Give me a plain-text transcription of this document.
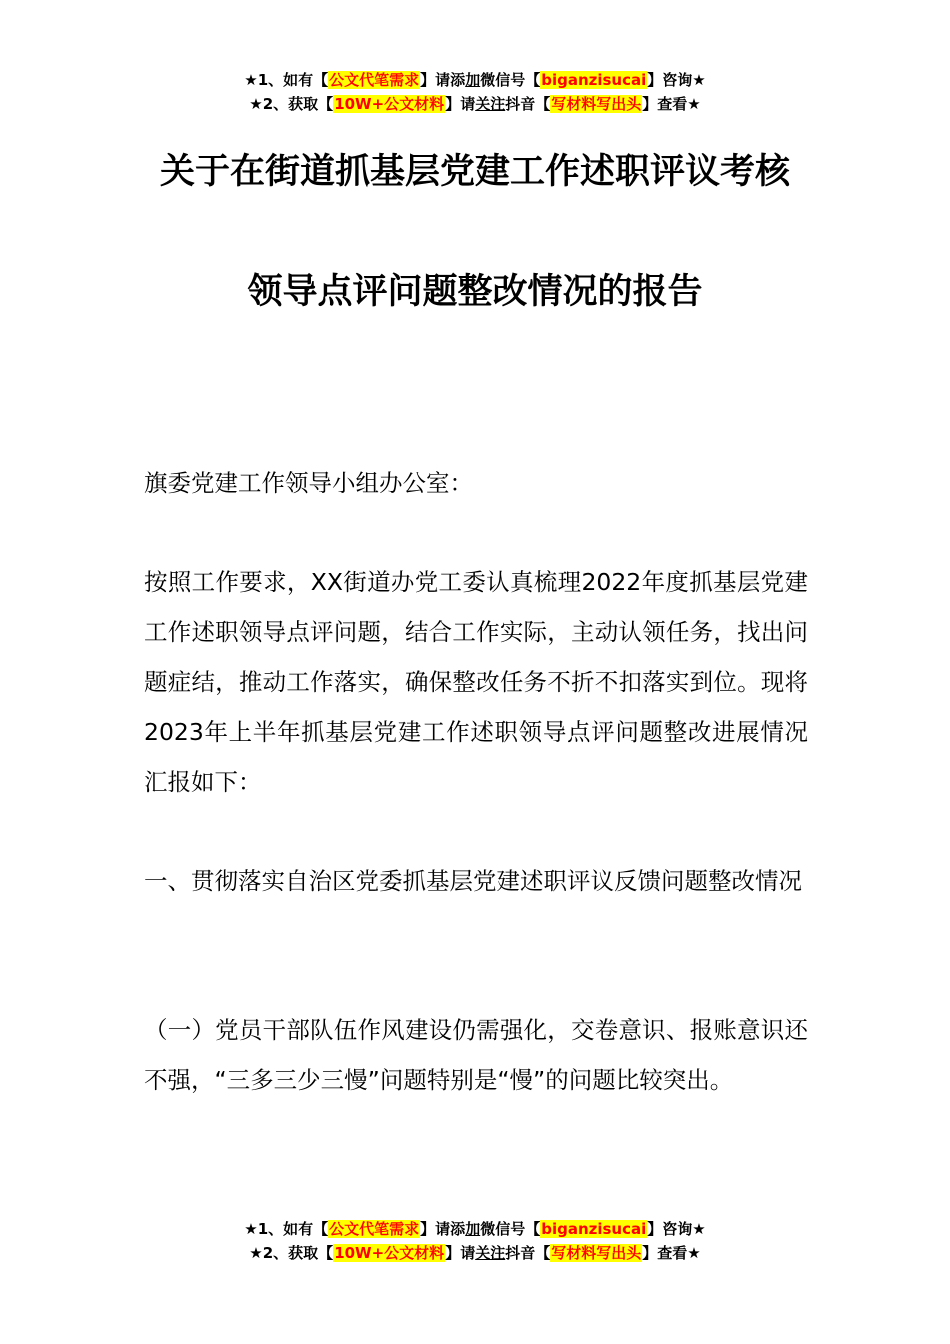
★1、如有【公文代笔需求】请添加微信号【biganzisucai】咨询★
★2、获取【10W+公文材料】请关注抖音【写材料写出头】查看★
关于在街道抓基层党建工作述职评议考核
领导点评问题整改情况的报告

旗委党建工作领导小组办公室：

按照工作要求，XX街道办党工委认真梳理2022年度抓基层党建工作述职领导点评问题，结合工作实际，主动认领任务，找出问题症结，推动工作落实，确保整改任务不折不扣落实到位。现将2023年上半年抓基层党建工作述职领导点评问题整改进展情况汇报如下：

一、贯彻落实自治区党委抓基层党建述职评议反馈问题整改情况

（一）党员干部队伍作风建设仍需强化，交卷意识、报账意识还不强，“三多三少三慢”问题特别是“慢”的问题比较突出。

★1、如有【公文代笔需求】请添加微信号【biganzisucai】咨询★
★2、获取【10W+公文材料】请关注抖音【写材料写出头】查看★
